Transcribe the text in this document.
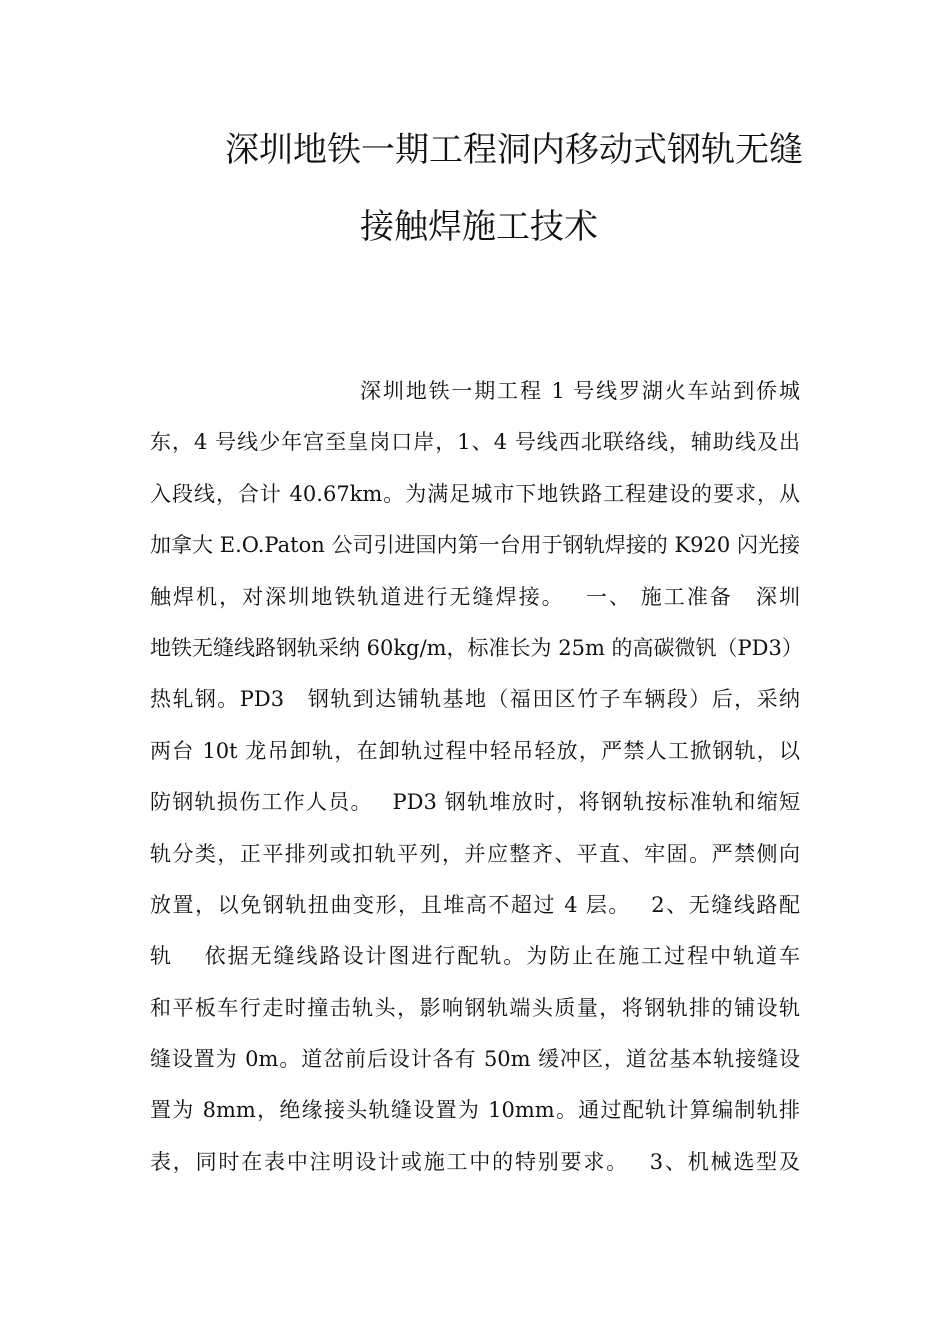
深圳地铁一期工程洞内移动式钢轨无缝
接触焊施工技术
深圳地铁一期工程 1 号线罗湖火车站到侨城
东，4 号线少年宫至皇岗口岸，1、4 号线西北联络线，辅助线及出
入段线，合计 40.67km。为满足城市下地铁路工程建设的要求，从
加拿大 E.O.Paton 公司引进国内第一台用于钢轨焊接的 K920 闪光接
触焊机，对深圳地铁轨道进行无缝焊接。　 一、 施工准备　深圳
地铁无缝线路钢轨采纳 60kg/m，标准长为 25m 的高碳微钒（PD3）
热轧钢。PD3　钢轨到达铺轨基地（福田区竹子车辆段）后，采纳
两台 10t 龙吊卸轨，在卸轨过程中轻吊轻放，严禁人工掀钢轨，以
防钢轨损伤工作人员。　 PD3 钢轨堆放时，将钢轨按标准轨和缩短
轨分类，正平排列或扣轨平列，并应整齐、平直、牢固。严禁侧向
放置，以免钢轨扭曲变形，且堆高不超过 4 层。　 2、无缝线路配
轨　 依据无缝线路设计图进行配轨。为防止在施工过程中轨道车
和平板车行走时撞击轨头，影响钢轨端头质量，将钢轨排的铺设轨
缝设置为 0m。道岔前后设计各有 50m 缓冲区，道岔基本轨接缝设
置为 8mm，绝缘接头轨缝设置为 10mm。通过配轨计算编制轨排
表，同时在表中注明设计或施工中的特别要求。　 3、机械选型及
